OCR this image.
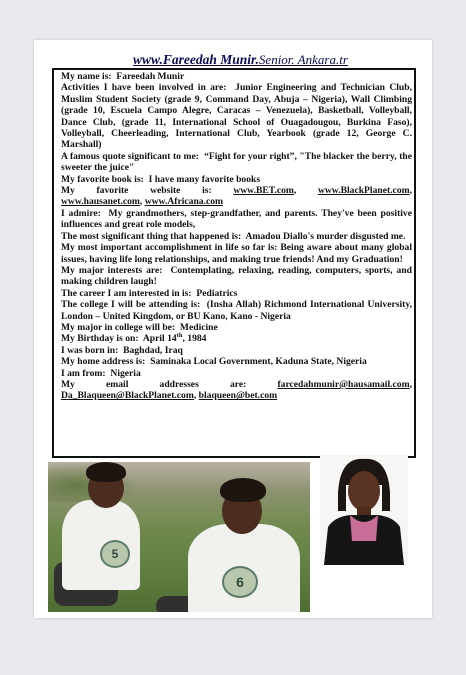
www.Fareedah Munir.Senior. Ankara.tr

My name is: Fareedah Munir

Activities I have been involved in are: Junior Engineering and Technician Club, Muslim Student Society (grade 9, Command Day, Abuja – Nigeria), Wall Climbing (grade 10, Escuela Campo Alegre, Caracas – Venezuela), Basketball, Volleyball, Dance Club, (grade 11, International School of Ouagadougou, Burkina Faso), Volleyball, Cheerleading, International Club, Yearbook (grade 12, George C. Marshall)

A famous quote significant to me: “Fight for your right”, "The blacker the berry, the sweeter the juice"

My favorite book is: I have many favorite books

My favorite website is: www.BET.com, www.BlackPlanet.com,

www.hausanet.com, www.Africana.com

I admire: My grandmothers, step-grandfather, and parents. They've been positive influences and great role models,

The most significant thing that happened is: Amadou Diallo's murder disgusted me.

My most important accomplishment in life so far is: Being aware about many global issues, having life long relationships, and making true friends! And my Graduation!

My major interests are: Contemplating, relaxing, reading, computers, sports, and making children laugh!

The career I am interested in is: Pediatrics

The college I will be attending is: (Insha Allah) Richmond International University, London – United Kingdom, or BU Kano, Kano - Nigeria

My major in college will be: Medicine

My Birthday is on: April 14th, 1984

I was born in: Baghdad, Iraq

My home address is: Saminaka Local Government, Kaduna State, Nigeria

I am from: Nigeria

My email addresses are:	farcedahmunir@hausamail.com,

Da_Blaqueen@BlackPlanet.com, blaqueen@bet.com

5
6
